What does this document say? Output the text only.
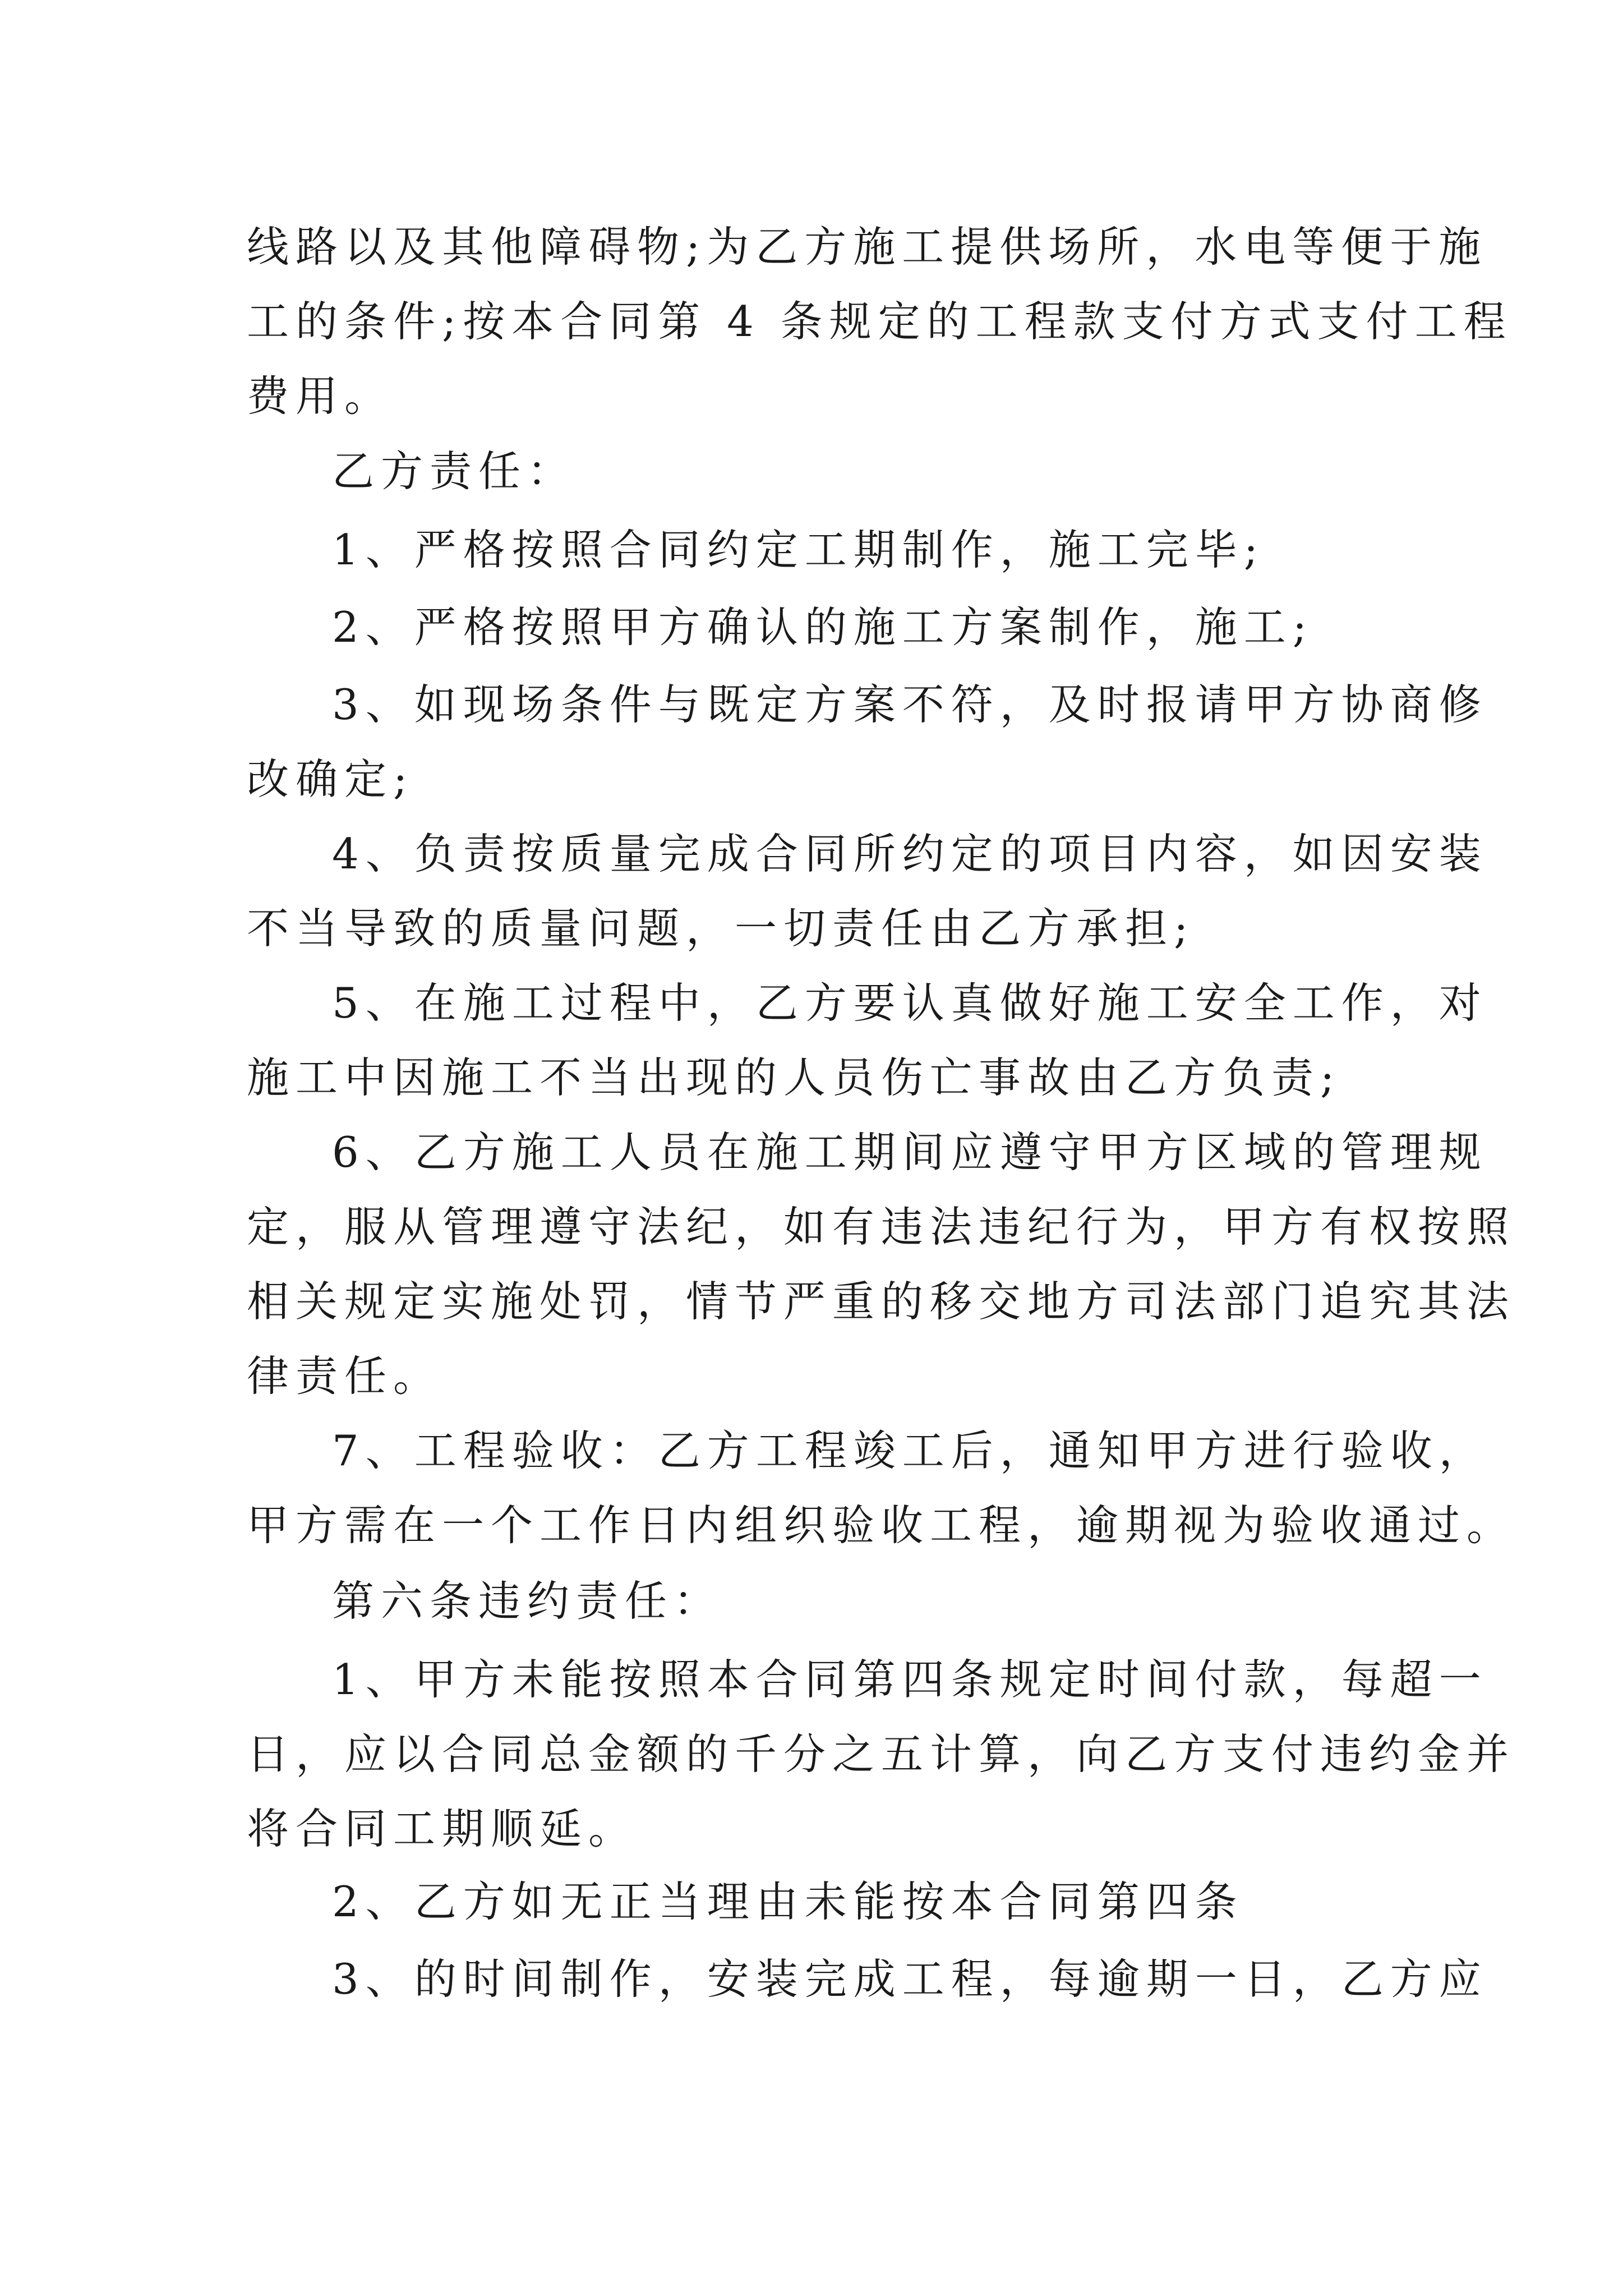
线路以及其他障碍物;为乙方施工提供场所，水电等便于施
工的条件;按本合同第 4 条规定的工程款支付方式支付工程
费用。
乙方责任：
1、严格按照合同约定工期制作，施工完毕;
2、严格按照甲方确认的施工方案制作，施工;
3、如现场条件与既定方案不符，及时报请甲方协商修
改确定;
4、负责按质量完成合同所约定的项目内容，如因安装
不当导致的质量问题，一切责任由乙方承担;
5、在施工过程中，乙方要认真做好施工安全工作，对
施工中因施工不当出现的人员伤亡事故由乙方负责;
6、乙方施工人员在施工期间应遵守甲方区域的管理规
定，服从管理遵守法纪，如有违法违纪行为，甲方有权按照
相关规定实施处罚，情节严重的移交地方司法部门追究其法
律责任。
7、工程验收：乙方工程竣工后，通知甲方进行验收，
甲方需在一个工作日内组织验收工程，逾期视为验收通过。
第六条违约责任：
1、甲方未能按照本合同第四条规定时间付款，每超一
日，应以合同总金额的千分之五计算，向乙方支付违约金并
将合同工期顺延。
2、乙方如无正当理由未能按本合同第四条
3、的时间制作，安装完成工程，每逾期一日，乙方应
